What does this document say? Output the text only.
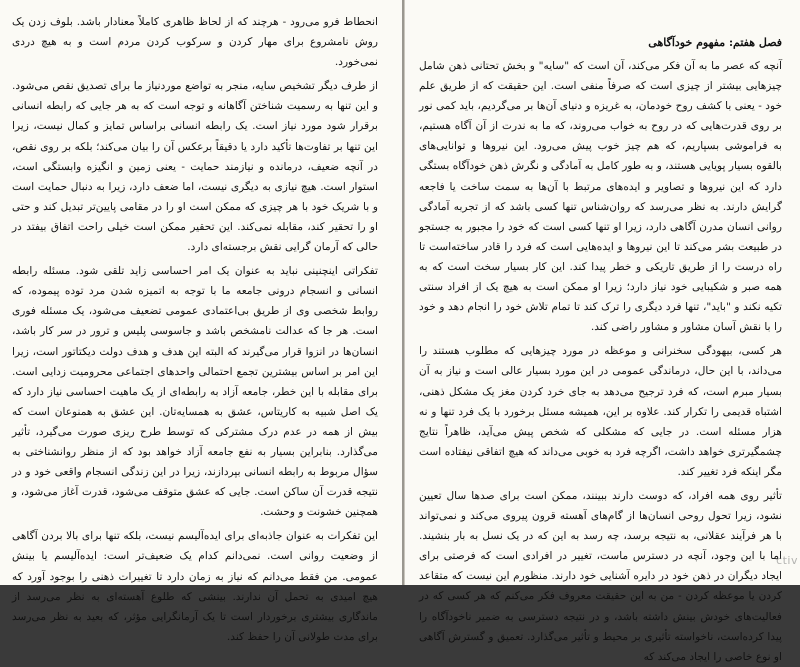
فصل هفتم: مفهوم خودآگاهی

آنچه که عصر ما به آن فکر می‌کند، آن است که "سایه" و بخش تحتانی ذهن شامل چیزهایی بیشتر از چیزی است که صرفاً منفی است. این حقیقت که از طریق علم خود - یعنی با کشف روح خودمان، به غریزه و دنیای آن‌ها بر می‌گردیم، باید کمی نور بر روی قدرت‌هایی که در روح به خواب می‌روند، که ما به ندرت از آن آگاه هستیم، به فراموشی بسپاریم، که هم چیز خوب پیش می‌رود. این نیروها و توانایی‌های بالقوه بسیار پویایی هستند، و به طور کامل به آمادگی و نگرش ذهن خودآگاه بستگی دارد که این نیروها و تصاویر و ایده‌های مرتبط با آن‌ها به سمت ساخت یا فاجعه گرایش دارند. به نظر می‌رسد که روان‌شناس تنها کسی باشد که از تجربه آمادگی روانی انسان مدرن آگاهی دارد، زیرا او تنها کسی است که خود را مجبور به جستجو در طبیعت بشر می‌کند تا این نیروها و ایده‌هایی است که فرد را قادر ساخته‌است تا راه درست را از طریق تاریکی و خطر پیدا کند. این کار بسیار سخت است که به همه صبر و شکیبایی خود نیاز دارد؛ زیرا او ممکن است به هیچ یک از افراد سنتی تکیه نکند و "باید"، تنها فرد دیگری را ترک کند تا تمام تلاش خود را انجام دهد و خود را با نقش آسان مشاور و مشاور راضی کند.

هر کسی، بیهودگی سخنرانی و موعظه در مورد چیزهایی که مطلوب هستند را می‌داند، با این حال، درماندگی عمومی در این مورد بسیار عالی است و نیاز به آن بسیار مبرم است، که فرد ترجیح می‌دهد به جای خرد کردن مغز یک مشکل ذهنی، اشتباه قدیمی را تکرار کند. علاوه بر این، همیشه مسئل برخورد با یک فرد تنها و نه هزار مسئله است. در جایی که مشکلی که شخص پیش می‌آید، ظاهراً نتایج چشمگیرتری خواهد داشت، اگرچه فرد به خوبی می‌داند که هیچ اتفاقی نیفتاده است مگر اینکه فرد تغییر کند.

تأثیر روی همه افراد، که دوست دارند ببینند، ممکن است برای صدها سال تعیین نشود، زیرا تحول روحی انسان‌ها از گام‌های آهسته قرون پیروی می‌کند و نمی‌تواند با هر فرآیند عقلانی، به نتیجه برسد، چه رسد به این که در یک نسل به بار بنشیند. اما با این وجود، آنچه در دسترس ماست، تغییر در افرادی است که فرصتی برای ایجاد دیگران در ذهن خود در دایره آشنایی خود دارند. منظورم این نیست که متقاعد کردن یا موعظه کردن - من به این حقیقت معروف فکر می‌کنم که هر کسی که در فعالیت‌های خودش بینش داشته باشد، و در نتیجه دسترسی به ضمیر ناخودآگاه را پیدا کرده‌است، ناخواسته تأثیری بر محیط و تأثیر می‌گذارد. تعمیق و گسترش آگاهی او نوع خاصی را ایجاد می‌کند که

انحطاط فرو می‌رود - هرچند که از لحاظ ظاهری کاملاً معنادار باشد. بلوف زدن یک روش نامشروع برای مهار کردن و سرکوب کردن مردم است و به هیچ دردی نمی‌خورد.

از طرف دیگر تشخیص سایه، منجر به تواضع موردنیاز ما برای تصدیق نقص می‌شود. و این تنها به رسمیت شناختن آگاهانه و توجه است که به هر جایی که رابطه انسانی برقرار شود مورد نیاز است. یک رابطه انسانی براساس تمایز و کمال نیست، زیرا این تنها بر تفاوت‌ها تأکید دارد یا دقیقاً برعکس آن را بیان می‌کند؛ بلکه بر روی نقص، در آنچه ضعیف، درمانده و نیازمند حمایت - یعنی زمین و انگیزه وابستگی است، استوار است. هیچ نیازی به دیگری نیست، اما ضعف دارد، زیرا به دنبال حمایت است و با شریک خود با هر چیزی که ممکن است او را در مقامی پایین‌تر تبدیل کند و حتی او را تحقیر کند، مقابله نمی‌کند. این تحقیر ممکن است خیلی راحت اتفاق بیفتد در حالی که آرمان گرایی نقش برجسته‌ای دارد.

تفکراتی اینچنینی نباید به عنوان یک امر احساسی زاید تلقی شود. مسئله رابطه انسانی و انسجام درونی جامعه ما با توجه به اتمیزه شدن مرد توده پیموده، که روابط شخصی وی از طریق بی‌اعتمادی عمومی تضعیف می‌شود، یک مسئله فوری است. هر جا که عدالت نامشخص باشد و جاسوسی پلیس و ترور در سر کار باشد، انسان‌ها در انزوا قرار می‌گیرند که البته این هدف و هدف دولت دیکتاتور است، زیرا این امر بر اساس بیشترین تجمع احتمالی واحدهای اجتماعی محرومیت زدایی است. برای مقابله با این خطر، جامعه آزاد به رابطه‌ای از یک ماهیت احساسی نیاز دارد که یک اصل شبیه به کاریتاس، عشق به همسایه‌تان. این عشق به همنوعان است که بیش از همه در عدم درک مشترکی که توسط طرح ریزی صورت می‌گیرد، تأثیر می‌گذارد. بنابراین بسیار به نفع جامعه آزاد خواهد بود که از منظر روانشناختی به سؤال مربوط به رابطه انسانی بپردازند، زیرا در این زندگی انسجام واقعی خود و در نتیجه قدرت آن ساکن است. جایی که عشق متوقف می‌شود، قدرت آغاز می‌شود، و همچنین خشونت و وحشت.

این تفکرات به عنوان جاذبه‌ای برای ایده‌آلیسم نیست، بلکه تنها برای بالا بردن آگاهی از وضعیت روانی است. نمی‌دانم کدام یک ضعیف‌تر است: ایده‌آلیسم یا بینش عمومی. من فقط می‌دانم که نیاز به زمان دارد تا تغییرات ذهنی را بوجود آورد که هیچ امیدی به تحمل آن ندارند. بینشی که طلوع آهسته‌ای به نظر می‌رسد از ماندگاری بیشتری برخوردار است تا یک آرمانگرایی مؤثر، که بعید به نظر می‌رسد برای مدت طولانی آن را حفظ کند.

ctiv
